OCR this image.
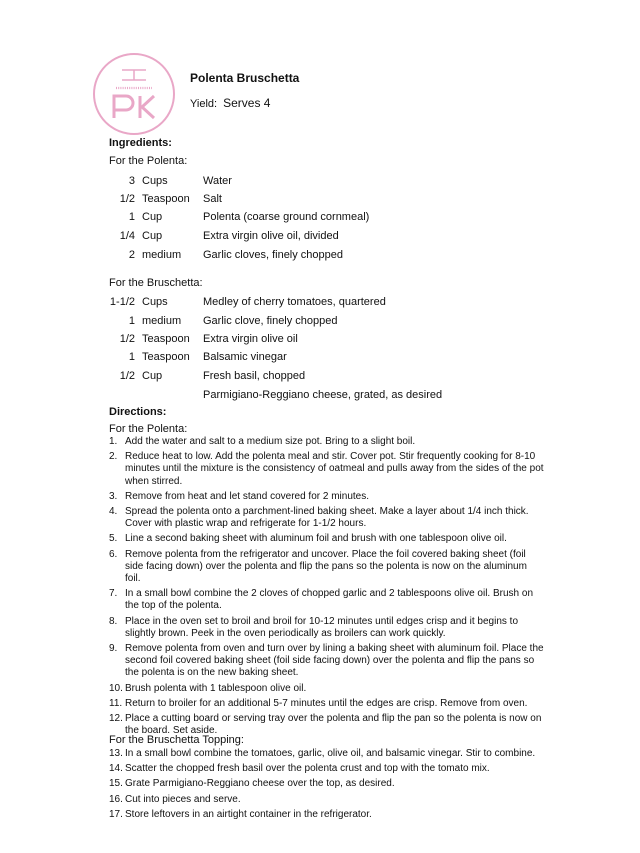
Polenta Bruschetta
Yield: Serves 4
Ingredients:
For the Polenta:
3 Cups	Water
1/2 Teaspoon Salt
1 Cup	Polenta (coarse ground cornmeal)
1/4 Cup	Extra virgin olive oil, divided
2 medium Garlic cloves, finely chopped
For the Bruschetta:
1-1/2 Cups	Medley of cherry tomatoes, quartered
1 medium Garlic clove, finely chopped
1/2 Teaspoon Extra virgin olive oil
1 Teaspoon Balsamic vinegar
1/2 Cup	Fresh basil, chopped
Parmigiano-Reggiano cheese, grated, as desired
Directions:
For the Polenta:
1. Add the water and salt to a medium size pot. Bring to a slight boil.
2. Reduce heat to low. Add the polenta meal and stir. Cover pot. Stir frequently cooking for 8-10 minutes until the mixture is the consistency of oatmeal and pulls away from the sides of the pot when stirred.
3. Remove from heat and let stand covered for 2 minutes.
4. Spread the polenta onto a parchment-lined baking sheet. Make a layer about 1/4 inch thick. Cover with plastic wrap and refrigerate for 1-1/2 hours.
5. Line a second baking sheet with aluminum foil and brush with one tablespoon olive oil.
6. Remove polenta from the refrigerator and uncover. Place the foil covered baking sheet (foil side facing down) over the polenta and flip the pans so the polenta is now on the aluminum foil.
7. In a small bowl combine the 2 cloves of chopped garlic and 2 tablespoons olive oil. Brush on the top of the polenta.
8. Place in the oven set to broil and broil for 10-12 minutes until edges crisp and it begins to slightly brown. Peek in the oven periodically as broilers can work quickly.
9. Remove polenta from oven and turn over by lining a baking sheet with aluminum foil. Place the second foil covered baking sheet (foil side facing down) over the polenta and flip the pans so the polenta is on the new baking sheet.
10. Brush polenta with 1 tablespoon olive oil.
11. Return to broiler for an additional 5-7 minutes until the edges are crisp. Remove from oven.
12. Place a cutting board or serving tray over the polenta and flip the pan so the polenta is now on the board. Set aside.
For the Bruschetta Topping:
13. In a small bowl combine the tomatoes, garlic, olive oil, and balsamic vinegar. Stir to combine.
14. Scatter the chopped fresh basil over the polenta crust and top with the tomato mix.
15. Grate Parmigiano-Reggiano cheese over the top, as desired.
16. Cut into pieces and serve.
17. Store leftovers in an airtight container in the refrigerator.
